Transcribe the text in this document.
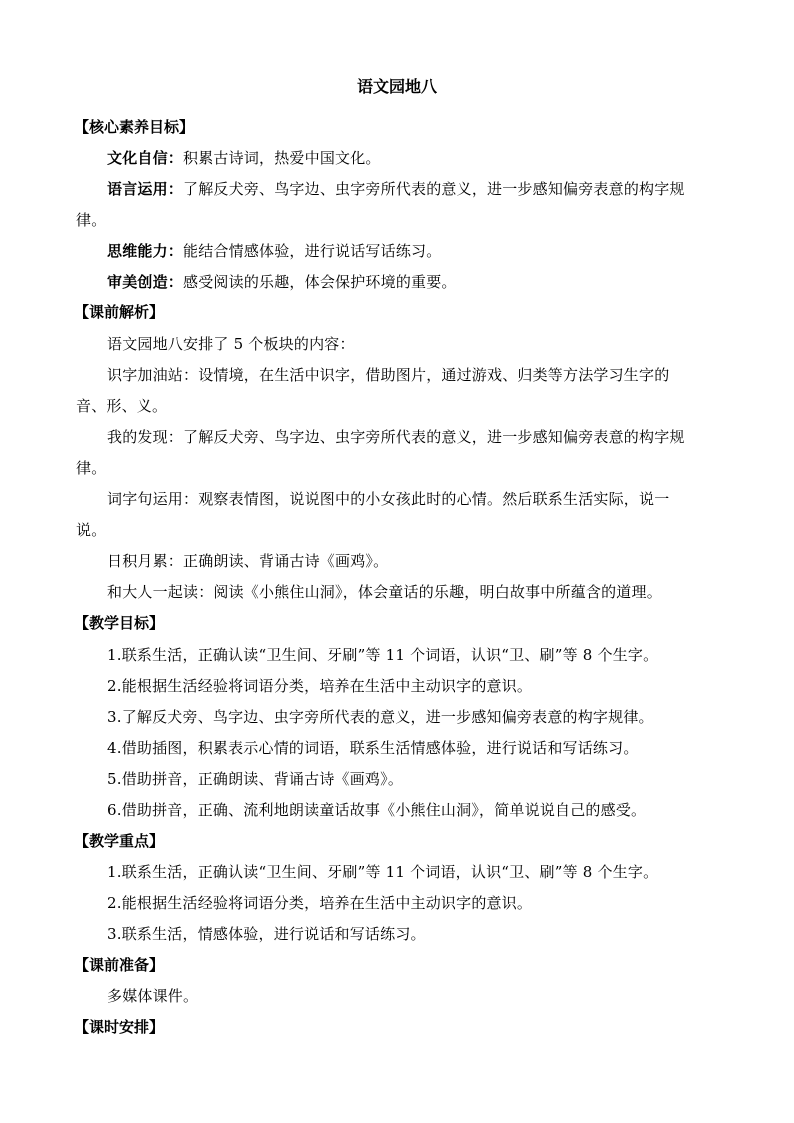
语文园地八
【核心素养目标】
文化自信：积累古诗词，热爱中国文化。
语言运用：了解反犬旁、鸟字边、虫字旁所代表的意义，进一步感知偏旁表意的构字规
律。
思维能力：能结合情感体验，进行说话写话练习。
审美创造：感受阅读的乐趣，体会保护环境的重要。
【课前解析】
语文园地八安排了 5 个板块的内容：
识字加油站：设情境，在生活中识字，借助图片，通过游戏、归类等方法学习生字的
音、形、义。
我的发现：了解反犬旁、鸟字边、虫字旁所代表的意义，进一步感知偏旁表意的构字规
律。
词字句运用：观察表情图，说说图中的小女孩此时的心情。然后联系生活实际，说一
说。
日积月累：正确朗读、背诵古诗《画鸡》。
和大人一起读：阅读《小熊住山洞》，体会童话的乐趣，明白故事中所蕴含的道理。
【教学目标】
1.联系生活，正确认读“卫生间、牙刷”等 11 个词语，认识“卫、刷”等 8 个生字。
2.能根据生活经验将词语分类，培养在生活中主动识字的意识。
3.了解反犬旁、鸟字边、虫字旁所代表的意义，进一步感知偏旁表意的构字规律。
4.借助插图，积累表示心情的词语，联系生活情感体验，进行说话和写话练习。
5.借助拼音，正确朗读、背诵古诗《画鸡》。
6.借助拼音，正确、流利地朗读童话故事《小熊住山洞》，简单说说自己的感受。
【教学重点】
1.联系生活，正确认读“卫生间、牙刷”等 11 个词语，认识“卫、刷”等 8 个生字。
2.能根据生活经验将词语分类，培养在生活中主动识字的意识。
3.联系生活，情感体验，进行说话和写话练习。
【课前准备】
多媒体课件。
【课时安排】
